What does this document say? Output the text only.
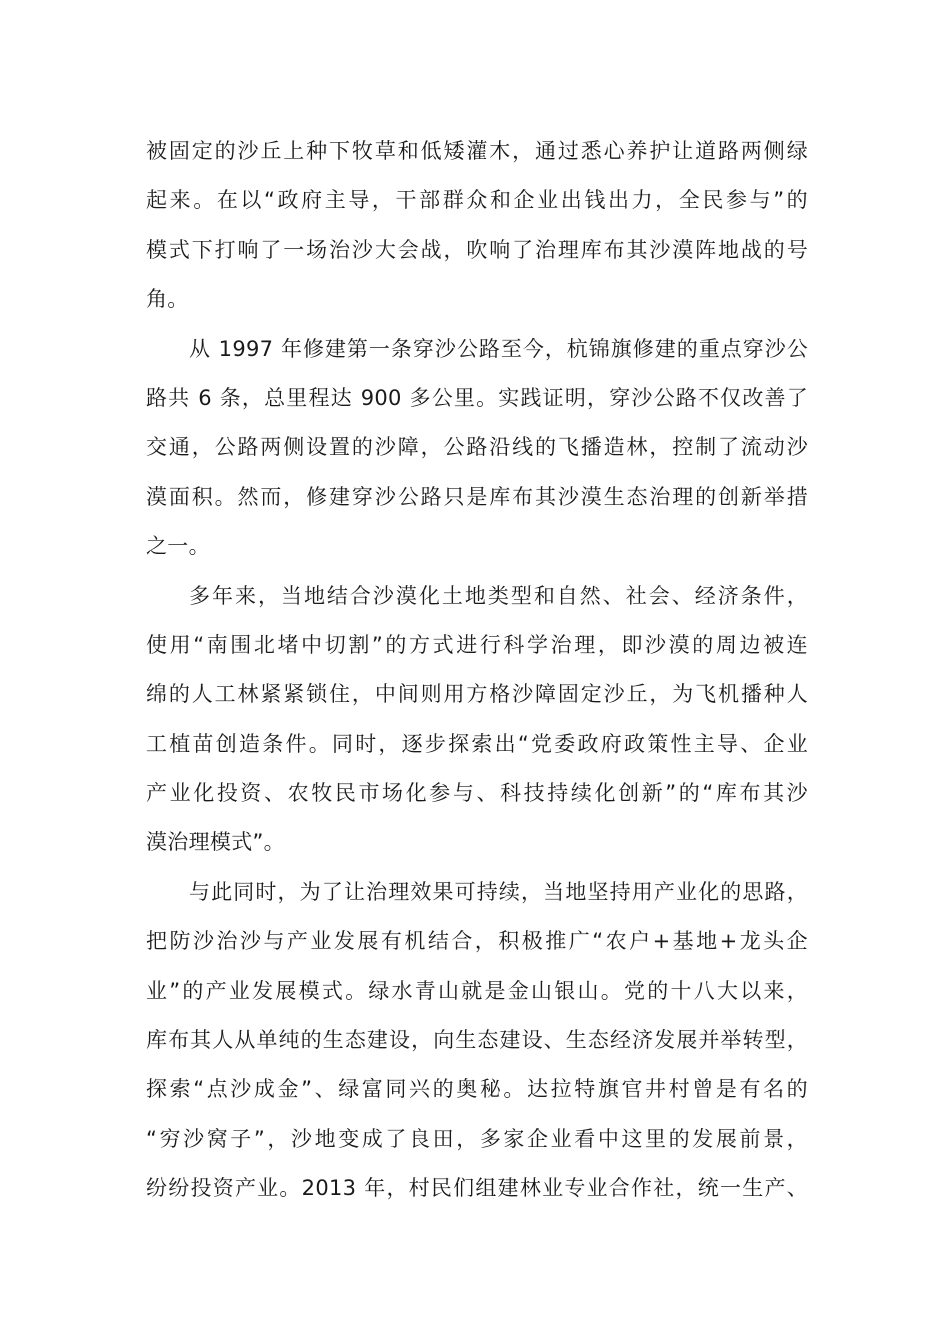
被固定的沙丘上种下牧草和低矮灌木，通过悉心养护让道路两侧绿
起来。在以“政府主导，干部群众和企业出钱出力，全民参与”的
模式下打响了一场治沙大会战，吹响了治理库布其沙漠阵地战的号
角。
从 1997 年修建第一条穿沙公路至今，杭锦旗修建的重点穿沙公
路共 6 条，总里程达 900 多公里。实践证明，穿沙公路不仅改善了
交通，公路两侧设置的沙障，公路沿线的飞播造林，控制了流动沙
漠面积。然而，修建穿沙公路只是库布其沙漠生态治理的创新举措
之一。
多年来，当地结合沙漠化土地类型和自然、社会、经济条件，
使用“南围北堵中切割”的方式进行科学治理，即沙漠的周边被连
绵的人工林紧紧锁住，中间则用方格沙障固定沙丘，为飞机播种人
工植苗创造条件。同时，逐步探索出“党委政府政策性主导、企业
产业化投资、农牧民市场化参与、科技持续化创新”的“库布其沙
漠治理模式”。
与此同时，为了让治理效果可持续，当地坚持用产业化的思路，
把防沙治沙与产业发展有机结合，积极推广“农户+基地+龙头企
业”的产业发展模式。绿水青山就是金山银山。党的十八大以来，
库布其人从单纯的生态建设，向生态建设、生态经济发展并举转型，
探索“点沙成金”、绿富同兴的奥秘。达拉特旗官井村曾是有名的
“穷沙窝子”，沙地变成了良田，多家企业看中这里的发展前景，
纷纷投资产业。2013 年，村民们组建林业专业合作社，统一生产、
